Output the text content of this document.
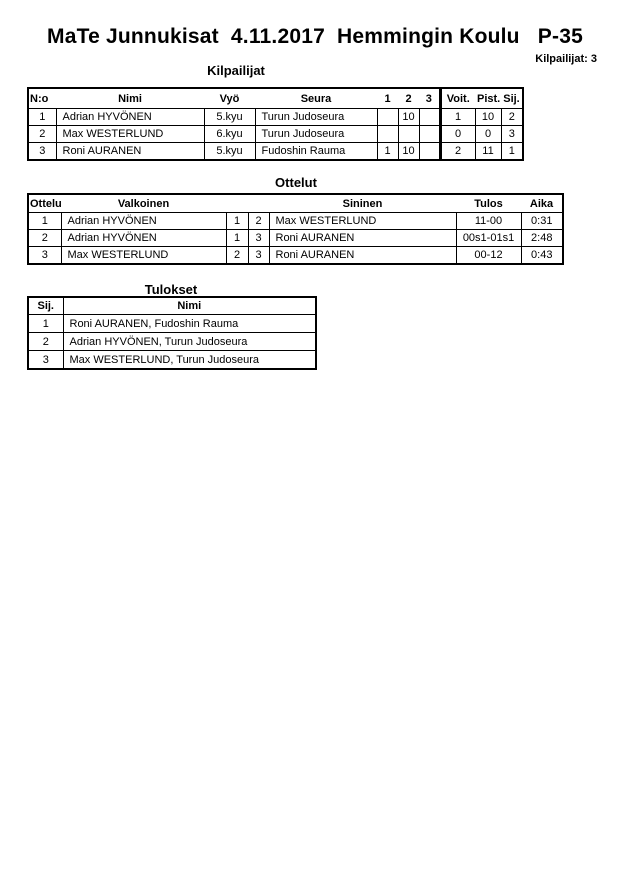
MaTe Junnukisat  4.11.2017  Hemmingin Koulu   P-35
Kilpailijat: 3
Kilpailijat
N:o	Nimi	Vyö	Seura	1	2	3	Voit.	Pist.	Sij.
1	Adrian HYVÖNEN	5.kyu	Turun Judoseura		10		1	10	2
2	Max WESTERLUND	6.kyu	Turun Judoseura				0	0	3
3	Roni AURANEN	5.kyu	Fudoshin Rauma	1	10		2	11	1
Ottelut
Ottelu	Valkoinen			Sininen	Tulos	Aika
1	Adrian HYVÖNEN	1	2	Max WESTERLUND	11-00	0:31
2	Adrian HYVÖNEN	1	3	Roni AURANEN	00s1-01s1	2:48
3	Max WESTERLUND	2	3	Roni AURANEN	00-12	0:43
Tulokset
Sij.	Nimi
1	Roni AURANEN, Fudoshin Rauma
2	Adrian HYVÖNEN, Turun Judoseura
3	Max WESTERLUND, Turun Judoseura
